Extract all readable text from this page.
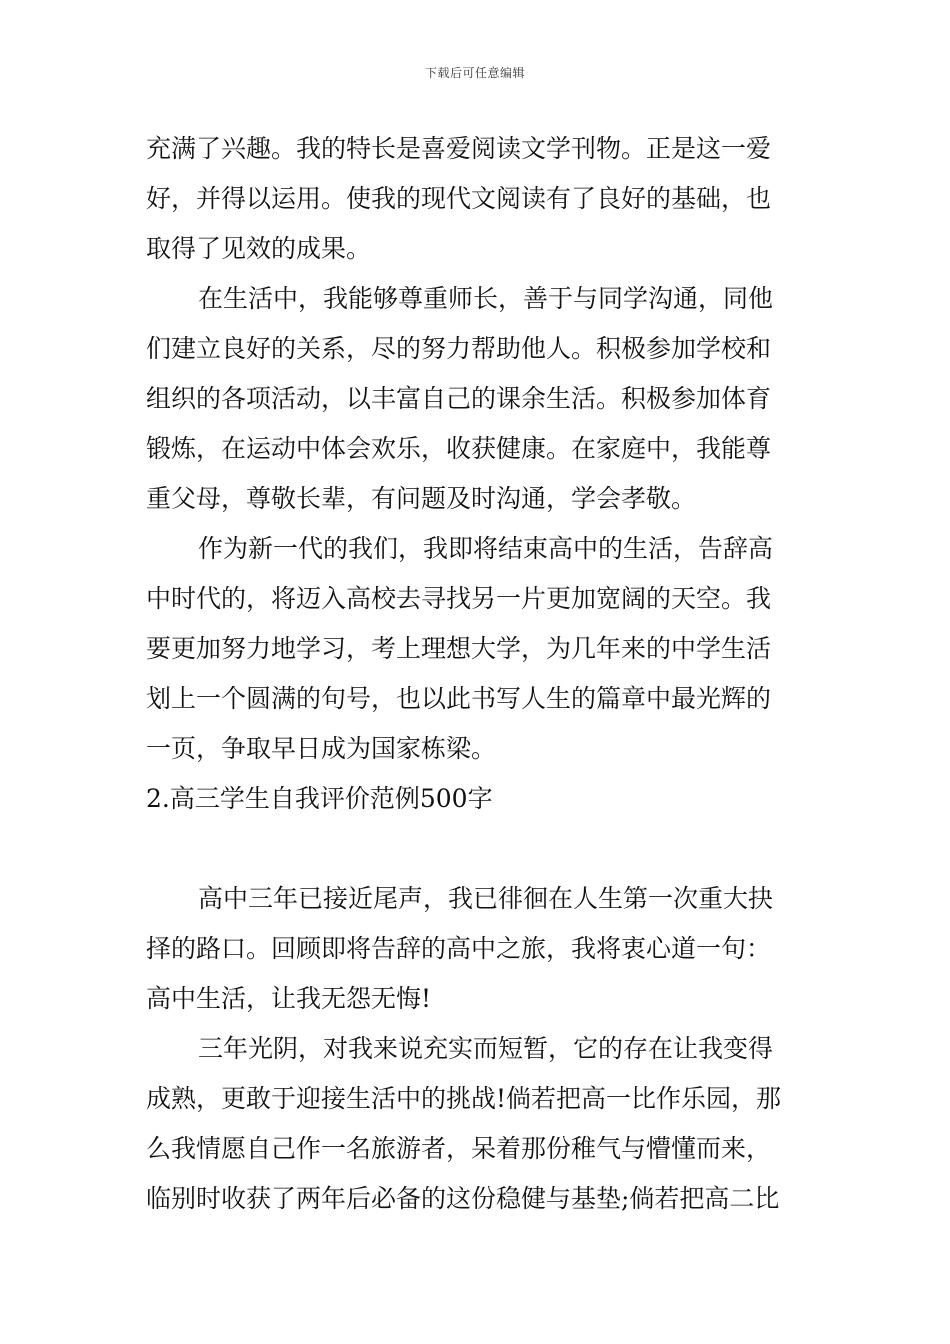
下载后可任意编辑
充满了兴趣。我的特长是喜爱阅读文学刊物。正是这一爱
好，并得以运用。使我的现代文阅读有了良好的基础，也
取得了见效的成果。
在生活中，我能够尊重师长，善于与同学沟通，同他
们建立良好的关系，尽的努力帮助他人。积极参加学校和
组织的各项活动，以丰富自己的课余生活。积极参加体育
锻炼，在运动中体会欢乐，收获健康。在家庭中，我能尊
重父母，尊敬长辈，有问题及时沟通，学会孝敬。
作为新一代的我们，我即将结束高中的生活，告辞高
中时代的，将迈入高校去寻找另一片更加宽阔的天空。我
要更加努力地学习，考上理想大学，为几年来的中学生活
划上一个圆满的句号，也以此书写人生的篇章中最光辉的
一页，争取早日成为国家栋梁。
2.高三学生自我评价范例500字
高中三年已接近尾声，我已徘徊在人生第一次重大抉
择的路口。回顾即将告辞的高中之旅，我将衷心道一句：
高中生活，让我无怨无悔!
三年光阴，对我来说充实而短暂，它的存在让我变得
成熟，更敢于迎接生活中的挑战!倘若把高一比作乐园，那
么我情愿自己作一名旅游者，呆着那份稚气与懵懂而来，
临别时收获了两年后必备的这份稳健与基垫;倘若把高二比
